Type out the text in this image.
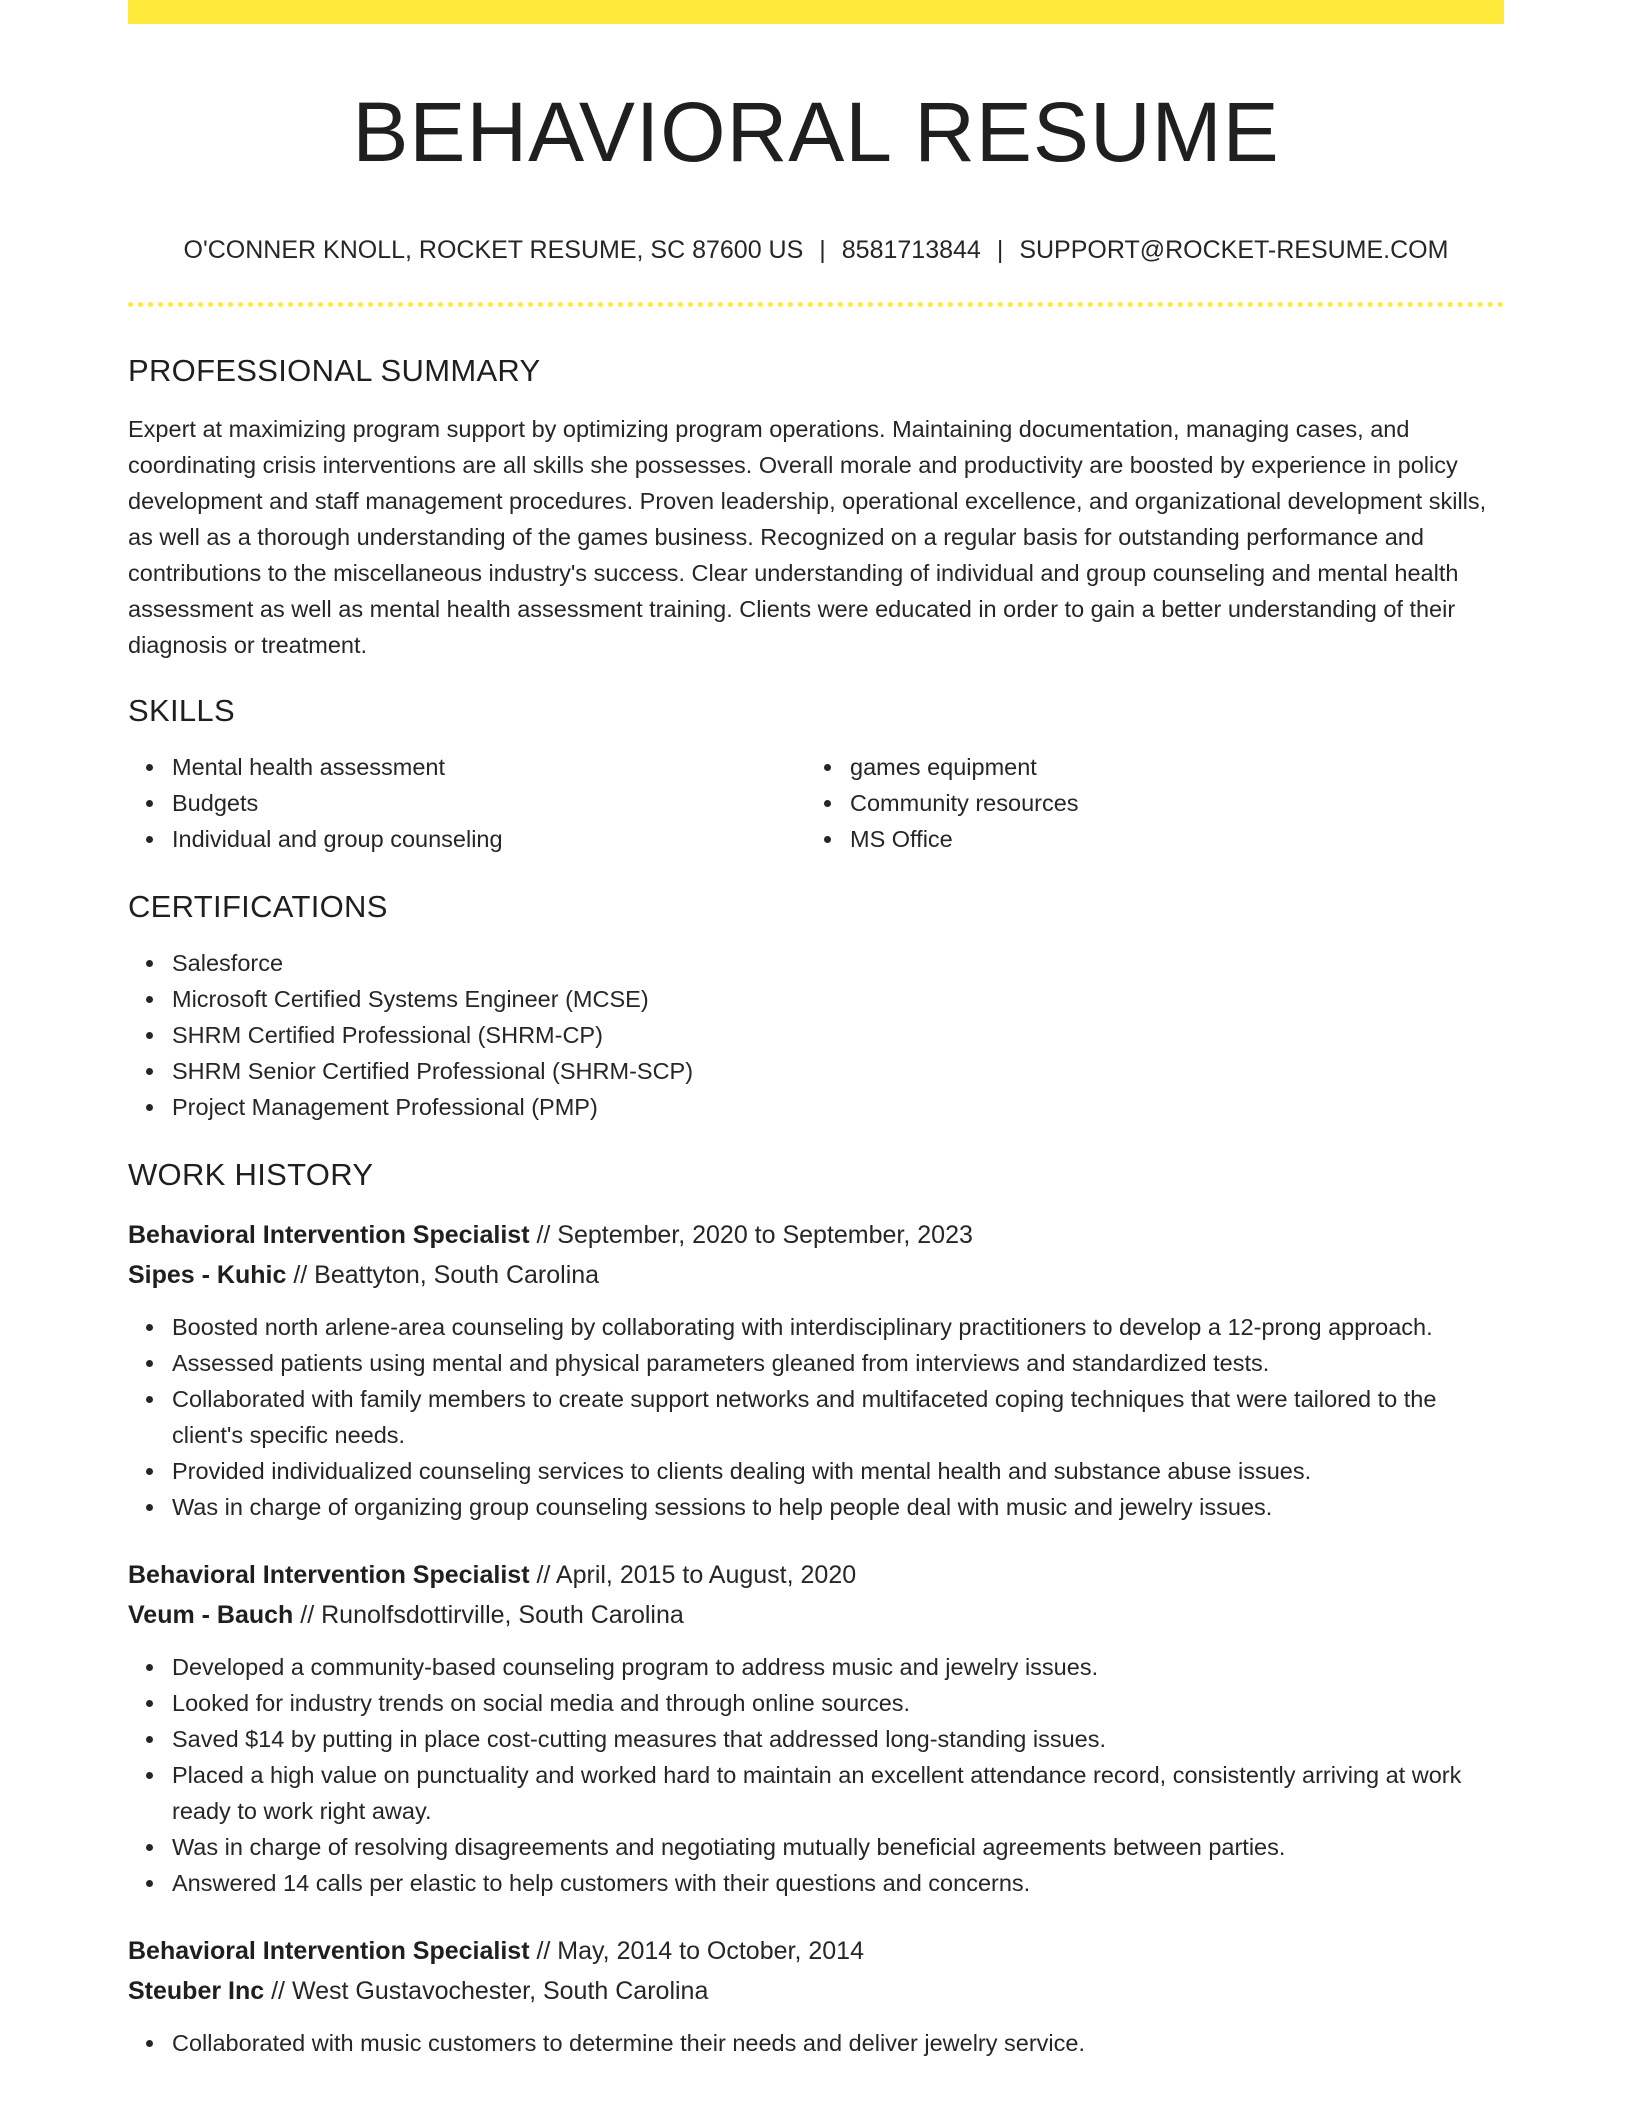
BEHAVIORAL RESUME
O'CONNER KNOLL, ROCKET RESUME, SC 87600 US | 8581713844 | SUPPORT@ROCKET-RESUME.COM
PROFESSIONAL SUMMARY

Expert at maximizing program support by optimizing program operations. Maintaining documentation, managing cases, and coordinating crisis interventions are all skills she possesses. Overall morale and productivity are boosted by experience in policy development and staff management procedures. Proven leadership, operational excellence, and organizational development skills, as well as a thorough understanding of the games business. Recognized on a regular basis for outstanding performance and contributions to the miscellaneous industry's success. Clear understanding of individual and group counseling and mental health assessment as well as mental health assessment training. Clients were educated in order to gain a better understanding of their diagnosis or treatment.

SKILLS
Mental health assessment
Budgets
Individual and group counseling
games equipment
Community resources
MS Office
CERTIFICATIONS
Salesforce
Microsoft Certified Systems Engineer (MCSE)
SHRM Certified Professional (SHRM-CP)
SHRM Senior Certified Professional (SHRM-SCP)
Project Management Professional (PMP)
WORK HISTORY
Behavioral Intervention Specialist // September, 2020 to September, 2023
Sipes - Kuhic // Beattyton, South Carolina
Boosted north arlene-area counseling by collaborating with interdisciplinary practitioners to develop a 12-prong approach.
Assessed patients using mental and physical parameters gleaned from interviews and standardized tests.
Collaborated with family members to create support networks and multifaceted coping techniques that were tailored to the client's specific needs.
Provided individualized counseling services to clients dealing with mental health and substance abuse issues.
Was in charge of organizing group counseling sessions to help people deal with music and jewelry issues.
Behavioral Intervention Specialist // April, 2015 to August, 2020
Veum - Bauch // Runolfsdottirville, South Carolina
Developed a community-based counseling program to address music and jewelry issues.
Looked for industry trends on social media and through online sources.
Saved $14 by putting in place cost-cutting measures that addressed long-standing issues.
Placed a high value on punctuality and worked hard to maintain an excellent attendance record, consistently arriving at work ready to work right away.
Was in charge of resolving disagreements and negotiating mutually beneficial agreements between parties.
Answered 14 calls per elastic to help customers with their questions and concerns.
Behavioral Intervention Specialist // May, 2014 to October, 2014
Steuber Inc // West Gustavochester, South Carolina
Collaborated with music customers to determine their needs and deliver jewelry service.
